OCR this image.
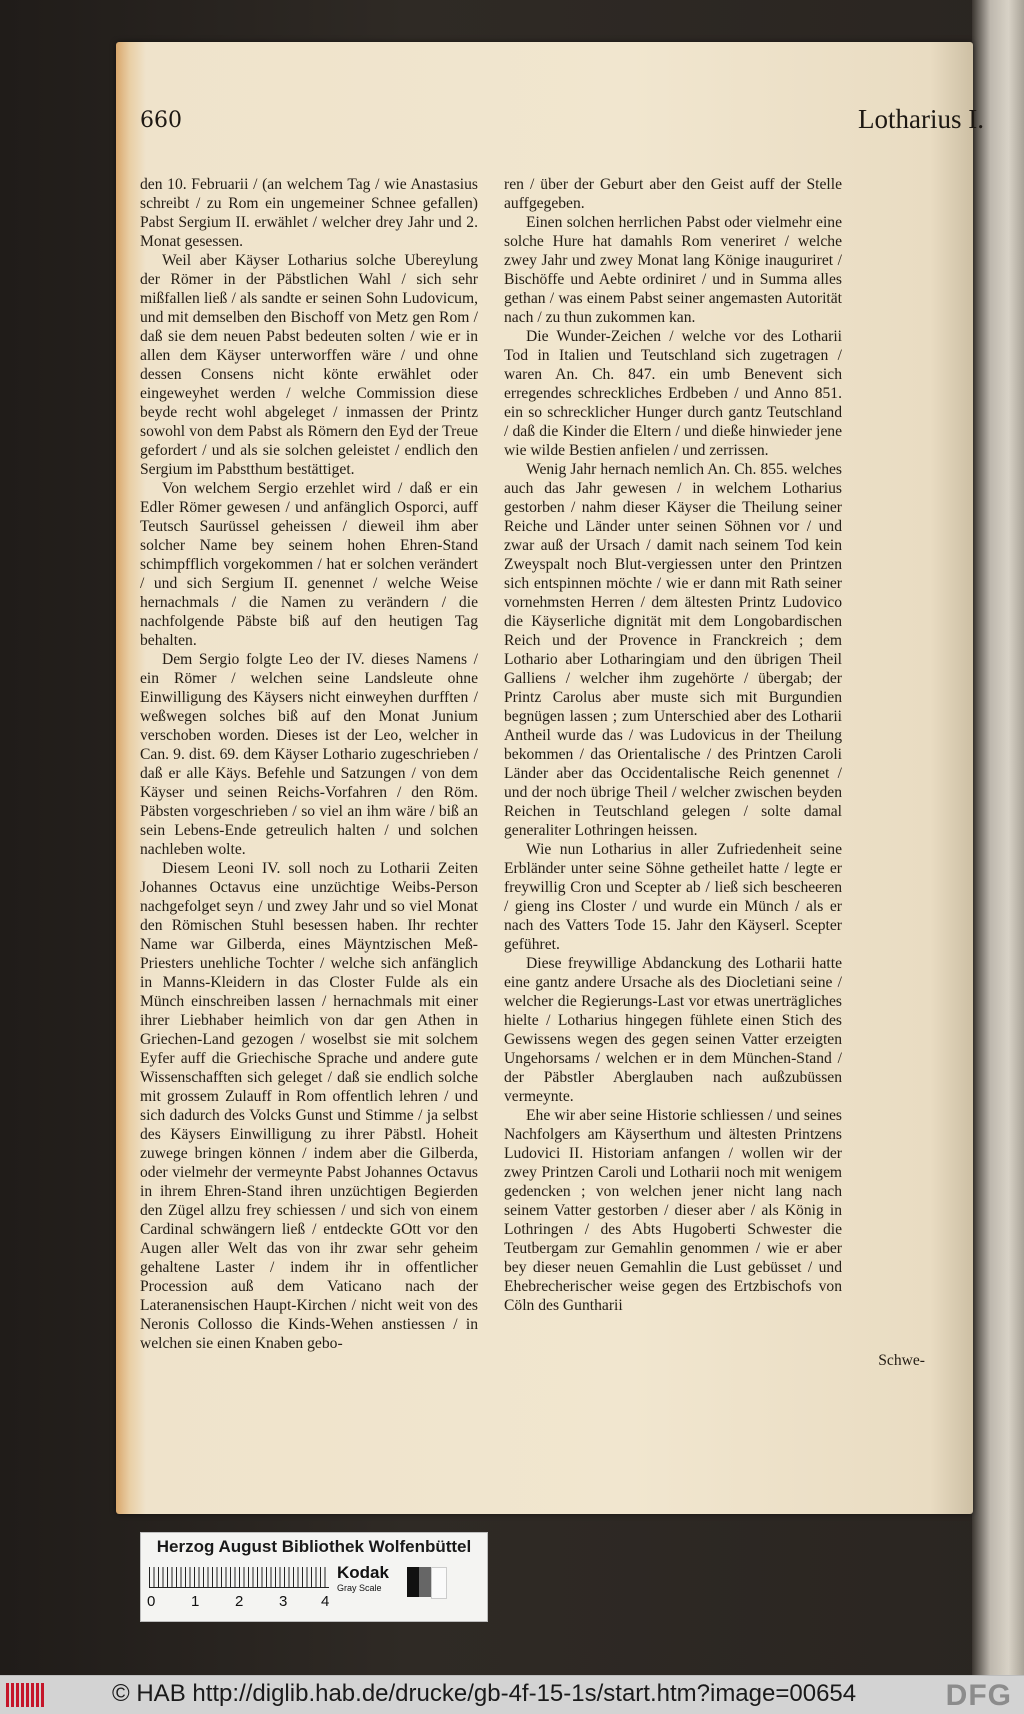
660	Lotharius I.

den 10. Februarii / (an welchem Tag / wie Anastasius schreibt / zu Rom ein ungemeiner Schnee gefallen) Pabst Sergium II. erwählet / welcher drey Jahr und 2. Monat gesessen.

Weil aber Käyser Lotharius solche Ubereylung der Römer in der Päbstlichen Wahl / sich sehr mißfallen ließ / als sandte er seinen Sohn Ludovicum, und mit demselben den Bischoff von Metz gen Rom / daß sie dem neuen Pabst bedeuten solten / wie er in allen dem Käyser unterworffen wäre / und ohne dessen Consens nicht könte erwählet oder eingeweyhet werden / welche Commission diese beyde recht wohl abgeleget / inmassen der Printz sowohl von dem Pabst als Römern den Eyd der Treue gefordert / und als sie solchen geleistet / endlich den Sergium im Pabstthum bestättiget.

Von welchem Sergio erzehlet wird / daß er ein Edler Römer gewesen / und anfänglich Osporci, auff Teutsch Saurüssel geheissen / dieweil ihm aber solcher Name bey seinem hohen Ehren-Stand schimpfflich vorgekommen / hat er solchen verändert / und sich Sergium II. genennet / welche Weise hernachmals / die Namen zu verändern / die nachfolgende Päbste biß auf den heutigen Tag behalten.

Dem Sergio folgte Leo der IV. dieses Namens / ein Römer / welchen seine Landsleute ohne Einwilligung des Käysers nicht einweyhen durfften / weßwegen solches biß auf den Monat Junium verschoben worden. Dieses ist der Leo, welcher in Can. 9. dist. 69. dem Käyser Lothario zugeschrieben / daß er alle Käys. Befehle und Satzungen / von dem Käyser und seinen Reichs-Vorfahren / den Röm. Päbsten vorgeschrieben / so viel an ihm wäre / biß an sein Lebens-Ende getreulich halten / und solchen nachleben wolte.

Diesem Leoni IV. soll noch zu Lotharii Zeiten Johannes Octavus eine unzüchtige Weibs-Person nachgefolget seyn / und zwey Jahr und so viel Monat den Römischen Stuhl besessen haben. Ihr rechter Name war Gilberda, eines Mäyntzischen Meß-Priesters unehliche Tochter / welche sich anfänglich in Manns-Kleidern in das Closter Fulde als ein Münch einschreiben lassen / hernachmals mit einer ihrer Liebhaber heimlich von dar gen Athen in Griechen-Land gezogen / woselbst sie mit solchem Eyfer auff die Griechische Sprache und andere gute Wissenschafften sich geleget / daß sie endlich solche mit grossem Zulauff in Rom offentlich lehren / und sich dadurch des Volcks Gunst und Stimme / ja selbst des Käysers Einwilligung zu ihrer Päbstl. Hoheit zuwege bringen können / indem aber die Gilberda, oder vielmehr der vermeynte Pabst Johannes Octavus in ihrem Ehren-Stand ihren unzüchtigen Begierden den Zügel allzu frey schiessen / und sich von einem Cardinal schwängern ließ / entdeckte GOtt vor den Augen aller Welt das von ihr zwar sehr geheim gehaltene Laster / indem ihr in offentlicher Procession auß dem Vaticano nach der Lateranensischen Haupt-Kirchen / nicht weit von des Neronis Collosso die Kinds-Wehen anstiessen / in welchen sie einen Knaben gebo-

ren / über der Geburt aber den Geist auff der Stelle auffgegeben.

Einen solchen herrlichen Pabst oder vielmehr eine solche Hure hat damahls Rom veneriret / welche zwey Jahr und zwey Monat lang Könige inauguriret / Bischöffe und Aebte ordiniret / und in Summa alles gethan / was einem Pabst seiner angemasten Autorität nach / zu thun zukommen kan.

Die Wunder-Zeichen / welche vor des Lotharii Tod in Italien und Teutschland sich zugetragen / waren An. Ch. 847. ein umb Benevent sich erregendes schreckliches Erdbeben / und Anno 851. ein so schrecklicher Hunger durch gantz Teutschland / daß die Kinder die Eltern / und dieße hinwieder jene wie wilde Bestien anfielen / und zerrissen.

Wenig Jahr hernach nemlich An. Ch. 855. welches auch das Jahr gewesen / in welchem Lotharius gestorben / nahm dieser Käyser die Theilung seiner Reiche und Länder unter seinen Söhnen vor / und zwar auß der Ursach / damit nach seinem Tod kein Zweyspalt noch Blut-vergiessen unter den Printzen sich entspinnen möchte / wie er dann mit Rath seiner vornehmsten Herren / dem ältesten Printz Ludovico die Käyserliche dignität mit dem Longobardischen Reich und der Provence in Franckreich ; dem Lothario aber Lotharingiam und den übrigen Theil Galliens / welcher ihm zugehörte / übergab; der Printz Carolus aber muste sich mit Burgundien begnügen lassen ; zum Unterschied aber des Lotharii Antheil wurde das / was Ludovicus in der Theilung bekommen / das Orientalische / des Printzen Caroli Länder aber das Occidentalische Reich genennet / und der noch übrige Theil / welcher zwischen beyden Reichen in Teutschland gelegen / solte damal generaliter Lothringen heissen.

Wie nun Lotharius in aller Zufriedenheit seine Erbländer unter seine Söhne getheilet hatte / legte er freywillig Cron und Scepter ab / ließ sich bescheeren / gieng ins Closter / und wurde ein Münch / als er nach des Vatters Tode 15. Jahr den Käyserl. Scepter geführet.

Diese freywillige Abdanckung des Lotharii hatte eine gantz andere Ursache als des Diocletiani seine / welcher die Regierungs-Last vor etwas unerträgliches hielte / Lotharius hingegen fühlete einen Stich des Gewissens wegen des gegen seinen Vatter erzeigten Ungehorsams / welchen er in dem München-Stand / der Päbstler Aberglauben nach außzubüssen vermeynte.

Ehe wir aber seine Historie schliessen / und seines Nachfolgers am Käyserthum und ältesten Printzens Ludovici II. Historiam anfangen / wollen wir der zwey Printzen Caroli und Lotharii noch mit wenigem gedencken ; von welchen jener nicht lang nach seinem Vatter gestorben / dieser aber / als König in Lothringen / des Abts Hugoberti Schwester die Teutbergam zur Gemahlin genommen / wie er aber bey dieser neuen Gemahlin die Lust gebüsset / und Ehebrecherischer weise gegen des Ertzbischofs von Cöln des Guntharii

Schwe-
Herzog August Bibliothek Wolfenbüttel
0 1 2 3 4
Kodak
Gray Scale
© HAB http://diglib.hab.de/drucke/gb-4f-15-1s/start.htm?image=00654	DFG
